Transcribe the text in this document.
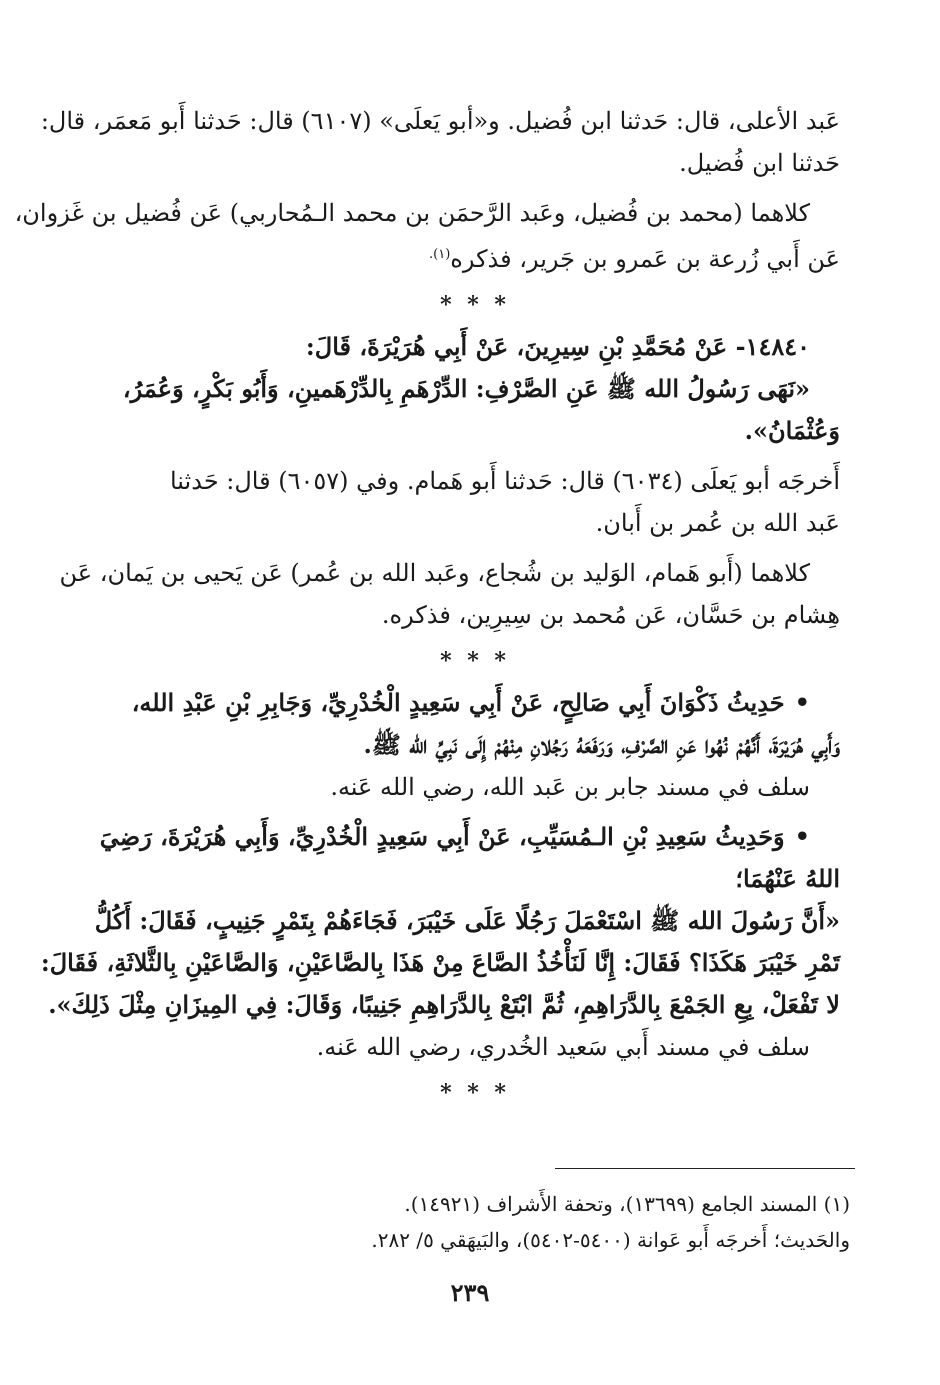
عَبد الأعلى، قال: حَدثنا ابن فُضيل. و«أبو يَعلَى» (٦١٠٧) قال: حَدثنا أَبو مَعمَر، قال:

حَدثنا ابن فُضيل.

كلاهما (محمد بن فُضيل، وعَبد الرَّحمَن بن محمد الـمُحاربي) عَن فُضيل بن غَزوان،

عَن أَبي زُرعة بن عَمرو بن جَرير، فذكره$^{(١).}$

* * *

١٤٨٤٠- عَنْ مُحَمَّدِ بْنِ سِيرِينَ، عَنْ أَبِي هُرَيْرَةَ، قَالَ:

«نَهَى رَسُولُ الله ﷺ عَنِ الصَّرْفِ: الدِّرْهَمِ بِالدِّرْهَمينِ، وَأَبُو بَكْرٍ، وَعُمَرُ،

وَعُثْمَانُ».

أَخرجَه أبو يَعلَى (٦٠٣٤) قال: حَدثنا أَبو هَمام. وفي (٦٠٥٧) قال: حَدثنا

عَبد الله بن عُمر بن أَبان.

كلاهما (أَبو هَمام، الوَليد بن شُجاع، وعَبد الله بن عُمر) عَن يَحيى بن يَمان، عَن

هِشام بن حَسَّان، عَن مُحمد بن سِيرِين، فذكره.

* * *

•حَدِيثُ ذَكْوَانَ أَبِي صَالِحٍ، عَنْ أَبِي سَعِيدٍ الْخُدْرِيِّ، وَجَابِرِ بْنِ عَبْدِ الله،

وَأَبِي هُرَيْرَةَ، أَنَّهُمْ نُهُوا عَنِ الصَّرْفِ، وَرَفَعَهُ رَجُلانِ مِنْهُمْ إِلَى نَبِيِّ الله ﷺ.

سلف في مسند جابر بن عَبد الله، رضي الله عَنه.

•وَحَدِيثُ سَعِيدِ بْنِ الـمُسَيِّبِ، عَنْ أَبِي سَعِيدٍ الْخُدْرِيِّ، وَأَبِي هُرَيْرَةَ، رَضِيَ

اللهُ عَنْهُمَا؛

«أَنَّ رَسُولَ الله ﷺ اسْتَعْمَلَ رَجُلًا عَلَى خَيْبَرَ، فَجَاءَهُمْ بِتَمْرٍ جَنِيبٍ، فَقَالَ: أَكُلُّ

تَمْرِ خَيْبَرَ هَكَذَا؟ فَقَالَ: إِنَّا لَنَأْخُذُ الصَّاعَ مِنْ هَذَا بِالصَّاعَيْنِ، وَالصَّاعَيْنِ بِالثَّلاثَةِ، فَقَالَ:

لا تَفْعَلْ، بِعِ الجَمْعَ بِالدَّرَاهِمِ، ثُمَّ ابْتَعْ بِالدَّرَاهِمِ جَنِيبًا، وَقَالَ: فِي المِيزَانِ مِثْلَ ذَلِكَ».

سلف في مسند أَبي سَعيد الخُدري، رضي الله عَنه.

* * *

(١) المسند الجامع (١٣٦٩٩)، وتحفة الأَشراف (١٤٩٢١).

والحَديث؛ أَخرجَه أَبو عَوانة (٥٤٠٠-٥٤٠٢)، والبَيهَقي ٥/ ٢٨٢.

٢٣٩
